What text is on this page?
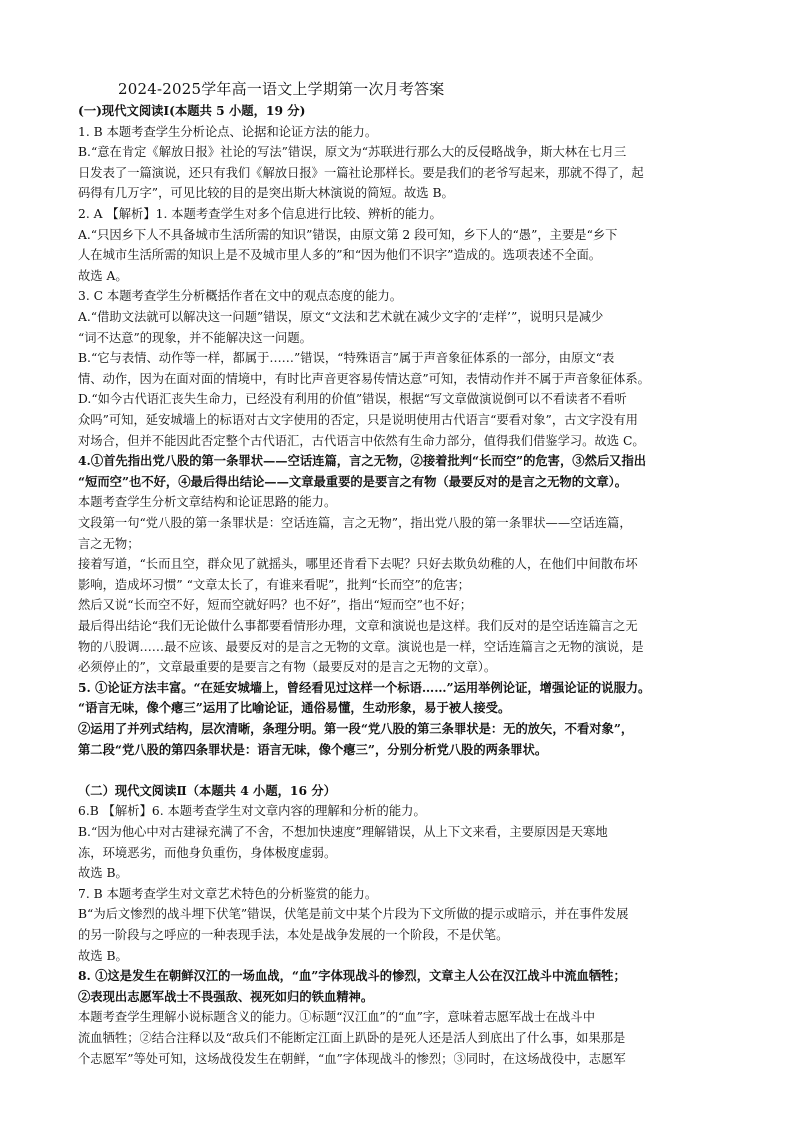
2024-2025学年高一语文上学期第一次月考答案
(一)现代文阅读Ⅰ(本题共 5 小题，19 分)
1. B 本题考查学生分析论点、论据和论证方法的能力。
B.“意在肯定《解放日报》社论的写法”错误，原文为“苏联进行那么大的反侵略战争，斯大林在七月三
日发表了一篇演说，还只有我们《解放日报》一篇社论那样长。要是我们的老爷写起来，那就不得了，起
码得有几万字”，可见比较的目的是突出斯大林演说的简短。故选 B。
2. A 【解析】1. 本题考查学生对多个信息进行比较、辨析的能力。
A.“只因乡下人不具备城市生活所需的知识”错误，由原文第 2 段可知，乡下人的“愚”，主要是“乡下
人在城市生活所需的知识上是不及城市里人多的”和“因为他们不识字”造成的。选项表述不全面。
故选 A。
3. C 本题考查学生分析概括作者在文中的观点态度的能力。
A.“借助文法就可以解决这一问题”错误，原文“文法和艺术就在减少文字的‘走样’”，说明只是减少
“词不达意”的现象，并不能解决这一问题。
B.“它与表情、动作等一样，都属于……”错误，“特殊语言”属于声音象征体系的一部分，由原文“表
情、动作，因为在面对面的情境中，有时比声音更容易传情达意”可知，表情动作并不属于声音象征体系。
D.“如今古代语汇丧失生命力，已经没有利用的价值”错误，根据“写文章做演说倒可以不看读者不看听
众吗”可知，延安城墙上的标语对古文字使用的否定，只是说明使用古代语言“要看对象”，古文字没有用
对场合，但并不能因此否定整个古代语汇，古代语言中依然有生命力部分，值得我们借鉴学习。故选 C。
4.①首先指出党八股的第一条罪状——空话连篇，言之无物，②接着批判“长而空”的危害，③然后又指出
“短而空”也不好，④最后得出结论——文章最重要的是要言之有物（最要反对的是言之无物的文章）。
本题考查学生分析文章结构和论证思路的能力。
文段第一句“党八股的第一条罪状是：空话连篇，言之无物”，指出党八股的第一条罪状——空话连篇，
言之无物；
接着写道，“长而且空，群众见了就摇头，哪里还肯看下去呢？只好去欺负幼稚的人，在他们中间散布坏
影响，造成坏习惯” “文章太长了，有谁来看呢”，批判“长而空”的危害；
然后又说“长而空不好，短而空就好吗？也不好”，指出“短而空”也不好；
最后得出结论“我们无论做什么事都要看情形办理，文章和演说也是这样。我们反对的是空话连篇言之无
物的八股调……最不应该、最要反对的是言之无物的文章。演说也是一样，空话连篇言之无物的演说，是
必须停止的”，文章最重要的是要言之有物（最要反对的是言之无物的文章）。
5. ①论证方法丰富。“在延安城墙上，曾经看见过这样一个标语……”运用举例论证，增强论证的说服力。
“语言无味，像个瘪三”运用了比喻论证，通俗易懂，生动形象，易于被人接受。
②运用了并列式结构，层次清晰，条理分明。第一段“党八股的第三条罪状是：无的放矢，不看对象”，
第二段“党八股的第四条罪状是：语言无味，像个瘪三”，分别分析党八股的两条罪状。
（二）现代文阅读Ⅱ（本题共 4 小题，16 分）
6.B 【解析】6. 本题考查学生对文章内容的理解和分析的能力。
B.“因为他心中对古建禄充满了不舍，不想加快速度”理解错误，从上下文来看，主要原因是天寒地
冻，环境恶劣，而他身负重伤，身体极度虚弱。
故选 B。
7. B 本题考查学生对文章艺术特色的分析鉴赏的能力。
B“为后文惨烈的战斗埋下伏笔”错误，伏笔是前文中某个片段为下文所做的提示或暗示，并在事件发展
的另一阶段与之呼应的一种表现手法，本处是战争发展的一个阶段，不是伏笔。
故选 B。
8. ①这是发生在朝鲜汉江的一场血战，“血”字体现战斗的惨烈，文章主人公在汉江战斗中流血牺牲；
②表现出志愿军战士不畏强敌、视死如归的铁血精神。
本题考查学生理解小说标题含义的能力。①标题“汉江血”的“血”字，意味着志愿军战士在战斗中
流血牺牲；②结合注释以及“敌兵们不能断定江面上趴卧的是死人还是活人到底出了什么事，如果那是
个志愿军”等处可知，这场战役发生在朝鲜，“血”字体现战斗的惨烈；③同时，在这场战役中，志愿军
